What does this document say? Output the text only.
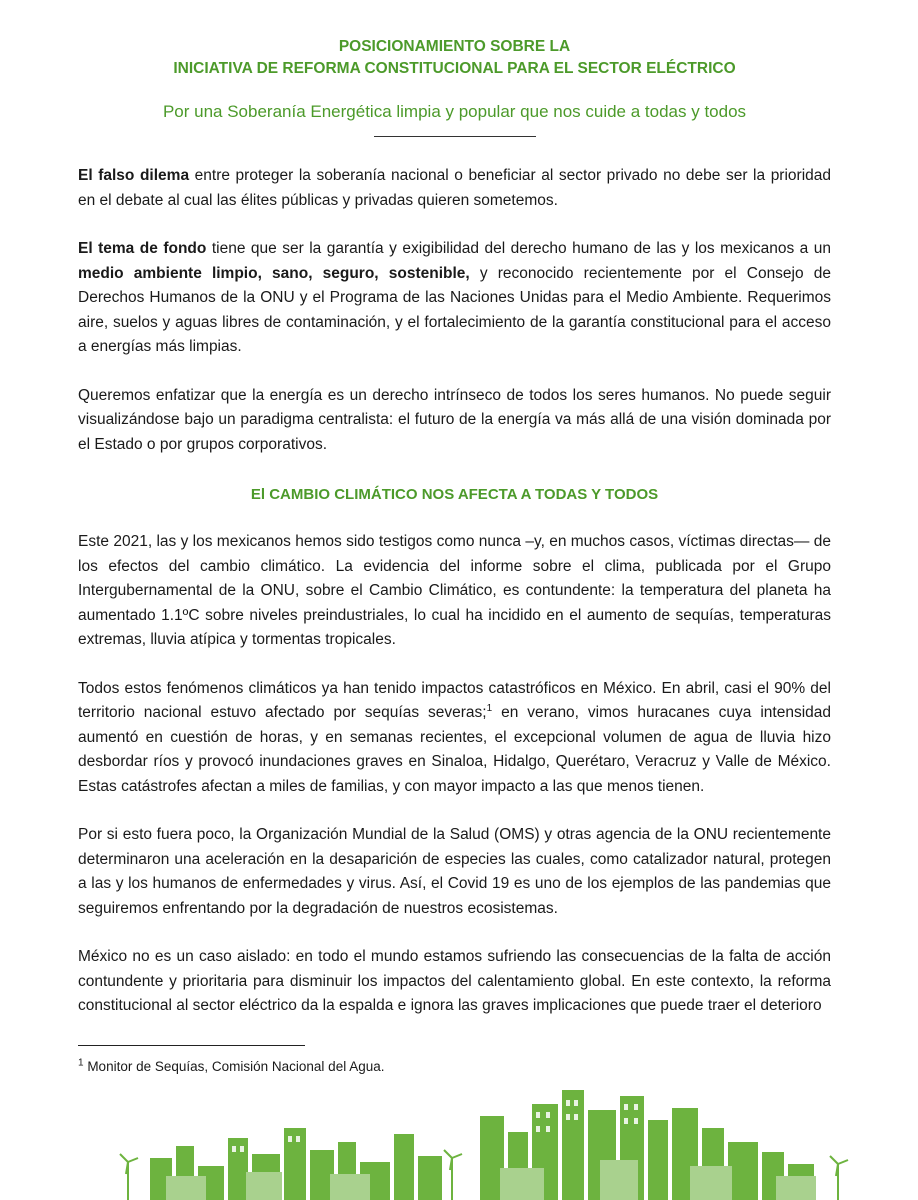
POSICIONAMIENTO SOBRE LA

INICIATIVA DE REFORMA CONSTITUCIONAL PARA EL SECTOR ELÉCTRICO

Por una Soberanía Energética limpia y popular que nos cuide a todas y todos

El falso dilema entre proteger la soberanía nacional o beneficiar al sector privado no debe ser la prioridad en el debate al cual las élites públicas y privadas quieren sometemos.

El tema de fondo tiene que ser la garantía y exigibilidad del derecho humano de las y los mexicanos a un medio ambiente limpio, sano, seguro, sostenible, y reconocido recientemente por el Consejo de Derechos Humanos de la ONU y el Programa de las Naciones Unidas para el Medio Ambiente. Requerimos aire, suelos y aguas libres de contaminación, y el fortalecimiento de la garantía constitucional para el acceso a energías más limpias.

Queremos enfatizar que la energía es un derecho intrínseco de todos los seres humanos. No puede seguir visualizándose bajo un paradigma centralista: el futuro de la energía va más allá de una visión dominada por el Estado o por grupos corporativos.

El CAMBIO CLIMÁTICO NOS AFECTA A TODAS Y TODOS

Este 2021, las y los mexicanos hemos sido testigos como nunca –y, en muchos casos, víctimas directas— de los efectos del cambio climático. La evidencia del informe sobre el clima, publicada por el Grupo Intergubernamental de la ONU, sobre el Cambio Climático, es contundente: la temperatura del planeta ha aumentado 1.1ºC sobre niveles preindustriales, lo cual ha incidido en el aumento de sequías, temperaturas extremas, lluvia atípica y tormentas tropicales.

Todos estos fenómenos climáticos ya han tenido impactos catastróficos en México. En abril, casi el 90% del territorio nacional estuvo afectado por sequías severas;$^1$ en verano, vimos huracanes cuya intensidad aumentó en cuestión de horas, y en semanas recientes, el excepcional volumen de agua de lluvia hizo desbordar ríos y provocó inundaciones graves en Sinaloa, Hidalgo, Querétaro, Veracruz y Valle de México. Estas catástrofes afectan a miles de familias, y con mayor impacto a las que menos tienen.

Por si esto fuera poco, la Organización Mundial de la Salud (OMS) y otras agencia de la ONU recientemente determinaron una aceleración en la desaparición de especies las cuales, como catalizador natural, protegen a las y los humanos de enfermedades y virus. Así, el Covid 19 es uno de los ejemplos de las pandemias que seguiremos enfrentando por la degradación de nuestros ecosistemas.

México no es un caso aislado: en todo el mundo estamos sufriendo las consecuencias de la falta de acción contundente y prioritaria para disminuir los impactos del calentamiento global. En este contexto, la reforma constitucional al sector eléctrico da la espalda e ignora las graves implicaciones que puede traer el deterioro

$^1$ Monitor de Sequías, Comisión Nacional del Agua.
